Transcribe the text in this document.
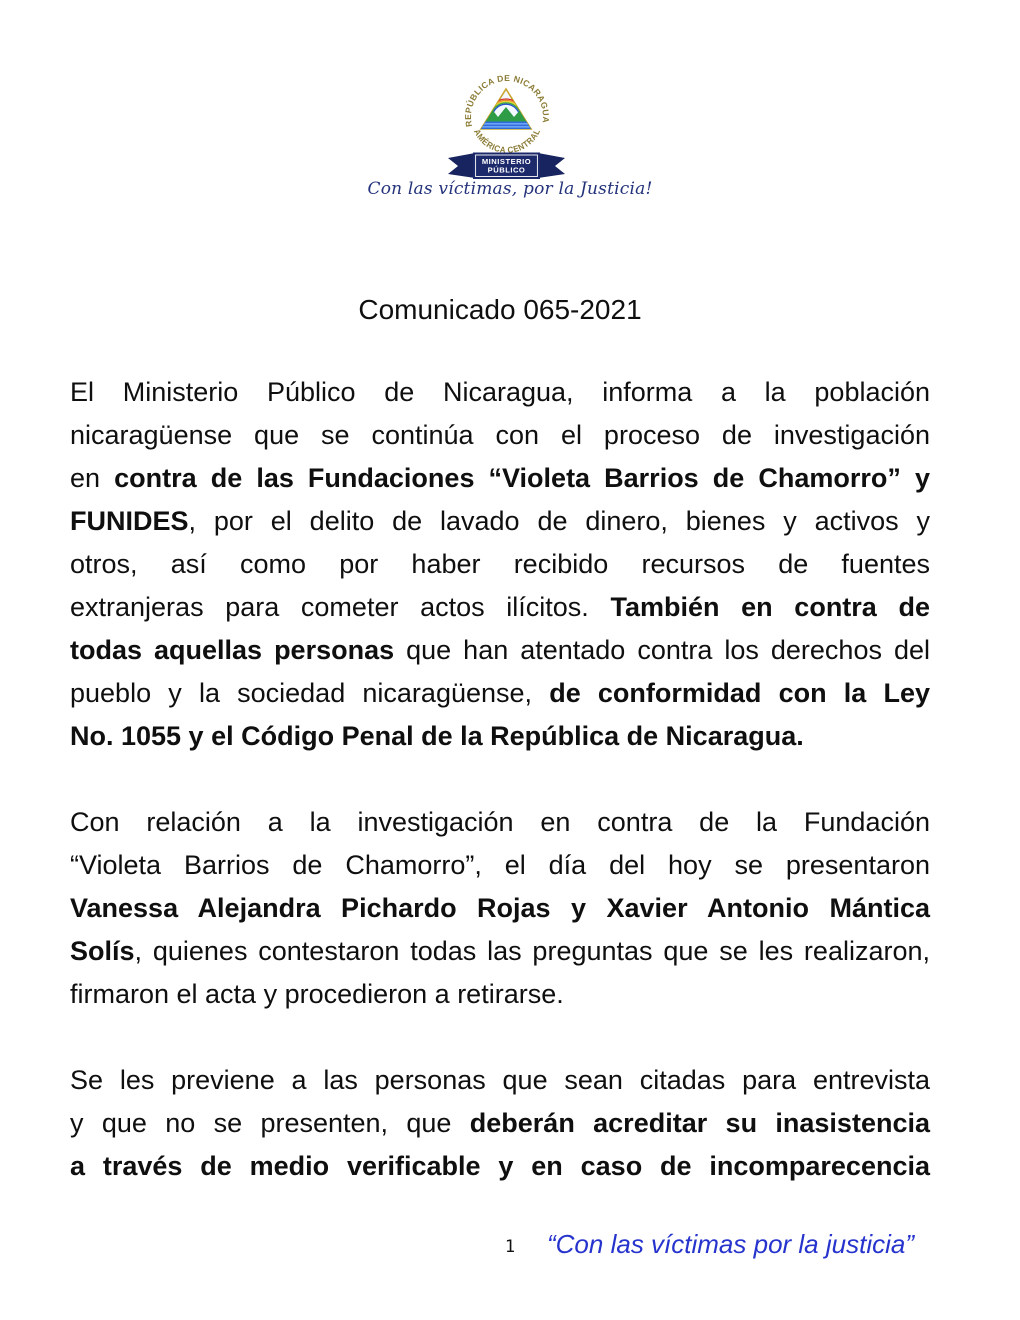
REPÚBLICA DE NICARAGUA
AMÉRICA CENTRAL
MINISTERIO
PÚBLICO
Con las víctimas, por la Justicia!
Comunicado 065-2021
El Ministerio Público de Nicaragua, informa a la población
nicaragüense que se continúa con el proceso de investigación
en contra de las Fundaciones “Violeta Barrios de Chamorro” y
FUNIDES, por el delito de lavado de dinero, bienes y activos y
otros, así como por haber recibido recursos de fuentes
extranjeras para cometer actos ilícitos. También en contra de
todas aquellas personas que han atentado contra los derechos del
pueblo y la sociedad nicaragüense, de conformidad con la Ley
No. 1055 y el Código Penal de la República de Nicaragua.
Con relación a la investigación en contra de la Fundación
“Violeta Barrios de Chamorro”, el día del hoy se presentaron
Vanessa Alejandra Pichardo Rojas y Xavier Antonio Mántica
Solís, quienes contestaron todas las preguntas que se les realizaron,
firmaron el acta y procedieron a retirarse.
Se les previene a las personas que sean citadas para entrevista
y que no se presenten, que deberán acreditar su inasistencia
a través de medio verificable y en caso de incomparecencia
1	“Con las víctimas por la justicia”
